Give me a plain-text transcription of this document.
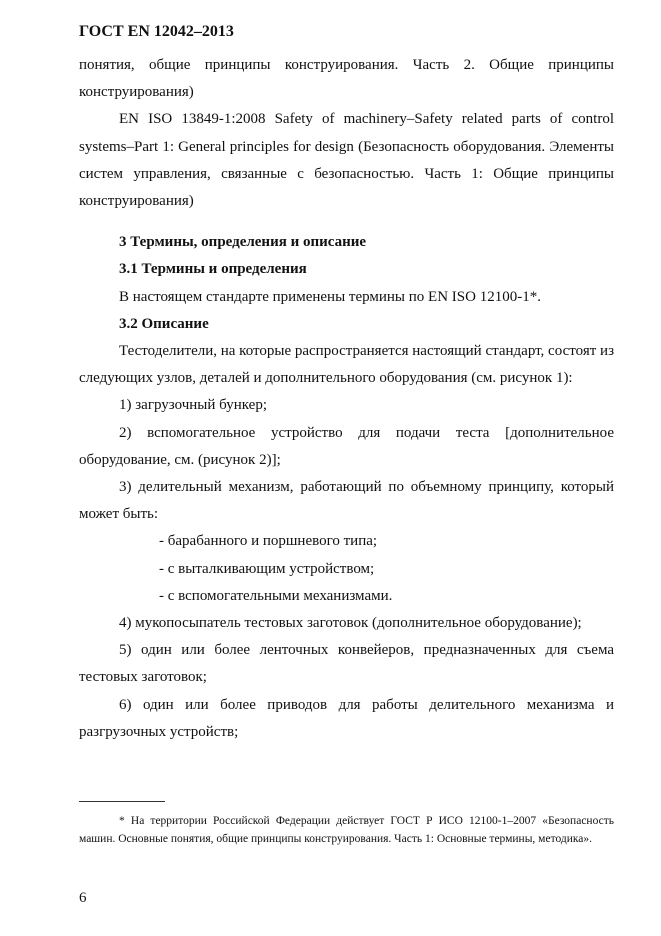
ГОСТ EN 12042–2013

понятия, общие принципы конструирования. Часть 2. Общие принципы конструирования)

EN ISO 13849-1:2008 Safety of machinery–Safety related parts of control systems–Part 1: General principles for design (Безопасность оборудования. Элементы систем управления, связанные с безопасностью. Часть 1: Общие принципы конструирования)

3 Термины, определения и описание

3.1 Термины и определения

В настоящем стандарте применены термины по EN ISO 12100-1*.

3.2 Описание

Тестоделители, на которые распространяется настоящий стандарт, состоят из следующих узлов, деталей и дополнительного оборудования (см. рисунок 1):

1) загрузочный бункер;

2) вспомогательное устройство для подачи теста [дополнительное оборудование, см. (рисунок 2)];

3) делительный механизм, работающий по объемному принципу, который может быть:

- барабанного и поршневого типа;

- с выталкивающим устройством;

- с вспомогательными механизмами.

4) мукопосыпатель тестовых заготовок (дополнительное оборудование);

5) один или более ленточных конвейеров, предназначенных для съема тестовых заготовок;

6) один или более приводов для работы делительного механизма и разгрузочных устройств;

* На территории Российской Федерации действует ГОСТ Р ИСО 12100-1–2007 «Безопасность машин. Основные понятия, общие принципы конструирования. Часть 1: Основные термины, методика».

6
